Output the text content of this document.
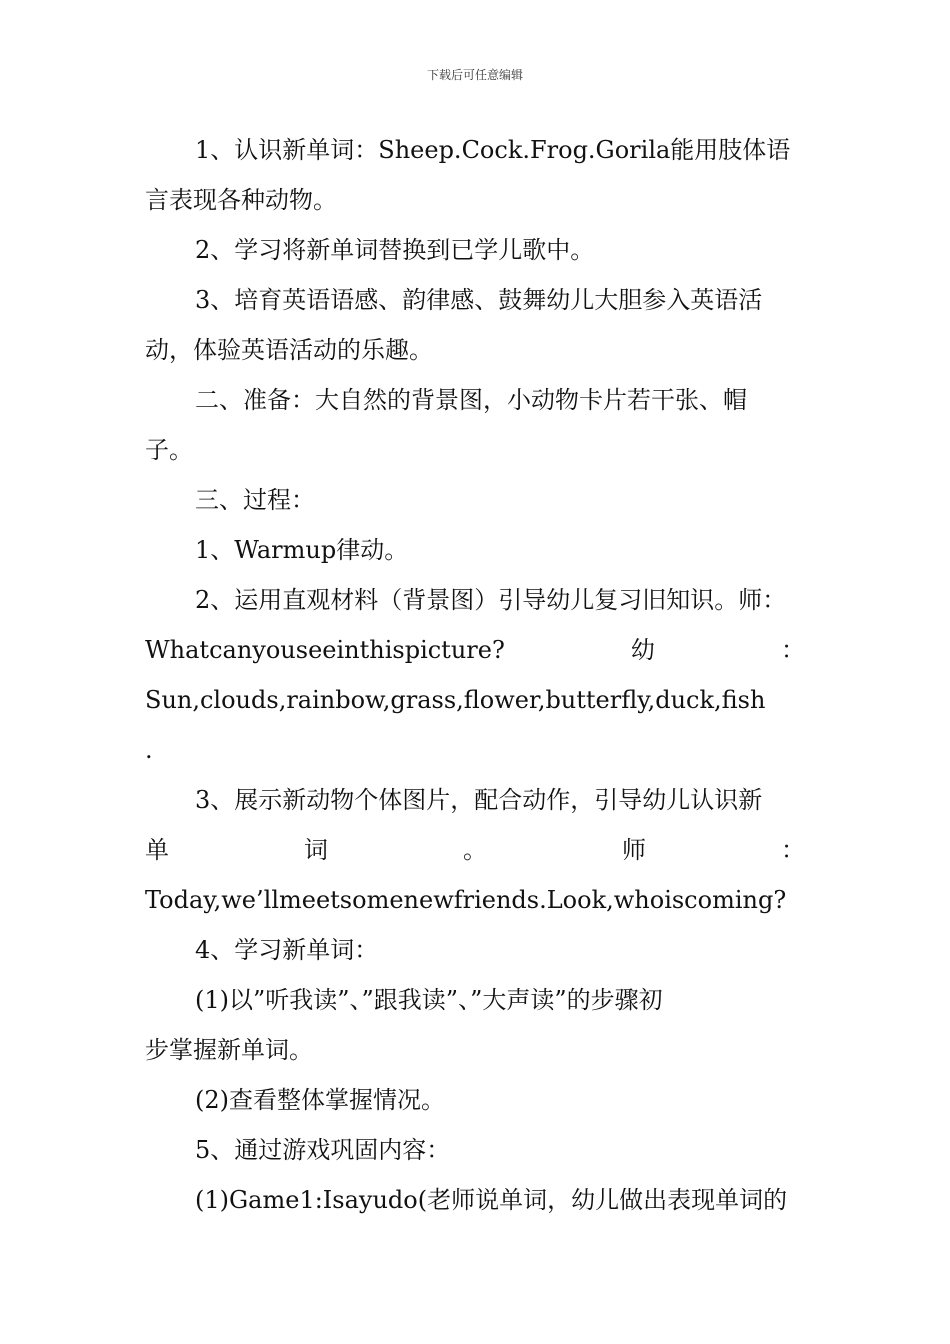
下载后可任意编辑
1、认识新单词：Sheep.Cock.Frog.Gorila能用肢体语
言表现各种动物。
2、学习将新单词替换到已学儿歌中。
3、培育英语语感、韵律感、鼓舞幼儿大胆参入英语活
动，体验英语活动的乐趣。
二、准备：大自然的背景图，小动物卡片若干张、帽
子。
三、过程：
1、Warmup律动。
2、运用直观材料（背景图）引导幼儿复习旧知识。师：
Whatcanyouseeinthispicture?	幼	：
Sun,clouds,rainbow,grass,flower,butterfly,duck,fish
.
3、展示新动物个体图片，配合动作，引导幼儿认识新
单	词	。	师	：
Today,we’llmeetsomenewfriends.Look,whoiscoming?
4、学习新单词：
(1)以”听我读”、”跟我读”、”大声读”的步骤初
步掌握新单词。
(2)查看整体掌握情况。
5、通过游戏巩固内容：
(1)Game1:Isayudo(老师说单词，幼儿做出表现单词的
